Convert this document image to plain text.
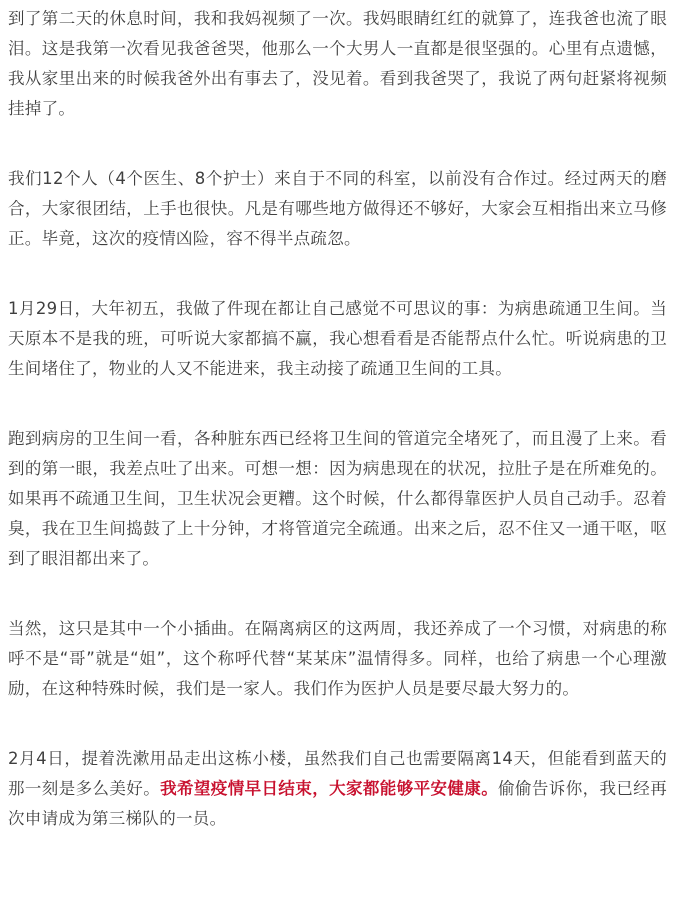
到了第二天的休息时间，我和我妈视频了一次。我妈眼睛红红的就算了，连我爸也流了眼泪。这是我第一次看见我爸爸哭，他那么一个大男人一直都是很坚强的。心里有点遗憾，我从家里出来的时候我爸外出有事去了，没见着。看到我爸哭了，我说了两句赶紧将视频挂掉了。

我们12个人（4个医生、8个护士）来自于不同的科室，以前没有合作过。经过两天的磨合，大家很团结，上手也很快。凡是有哪些地方做得还不够好，大家会互相指出来立马修正。毕竟，这次的疫情凶险，容不得半点疏忽。

1月29日，大年初五，我做了件现在都让自己感觉不可思议的事：为病患疏通卫生间。当天原本不是我的班，可听说大家都搞不赢，我心想看看是否能帮点什么忙。听说病患的卫生间堵住了，物业的人又不能进来，我主动接了疏通卫生间的工具。

跑到病房的卫生间一看，各种脏东西已经将卫生间的管道完全堵死了，而且漫了上来。看到的第一眼，我差点吐了出来。可想一想：因为病患现在的状况，拉肚子是在所难免的。如果再不疏通卫生间，卫生状况会更糟。这个时候，什么都得靠医护人员自己动手。忍着臭，我在卫生间捣鼓了上十分钟，才将管道完全疏通。出来之后，忍不住又一通干呕，呕到了眼泪都出来了。

当然，这只是其中一个小插曲。在隔离病区的这两周，我还养成了一个习惯，对病患的称呼不是“哥”就是“姐”，这个称呼代替“某某床”温情得多。同样，也给了病患一个心理激励，在这种特殊时候，我们是一家人。我们作为医护人员是要尽最大努力的。

2月4日，提着洗漱用品走出这栋小楼，虽然我们自己也需要隔离14天，但能看到蓝天的那一刻是多么美好。我希望疫情早日结束，大家都能够平安健康。偷偷告诉你，我已经再次申请成为第三梯队的一员。
